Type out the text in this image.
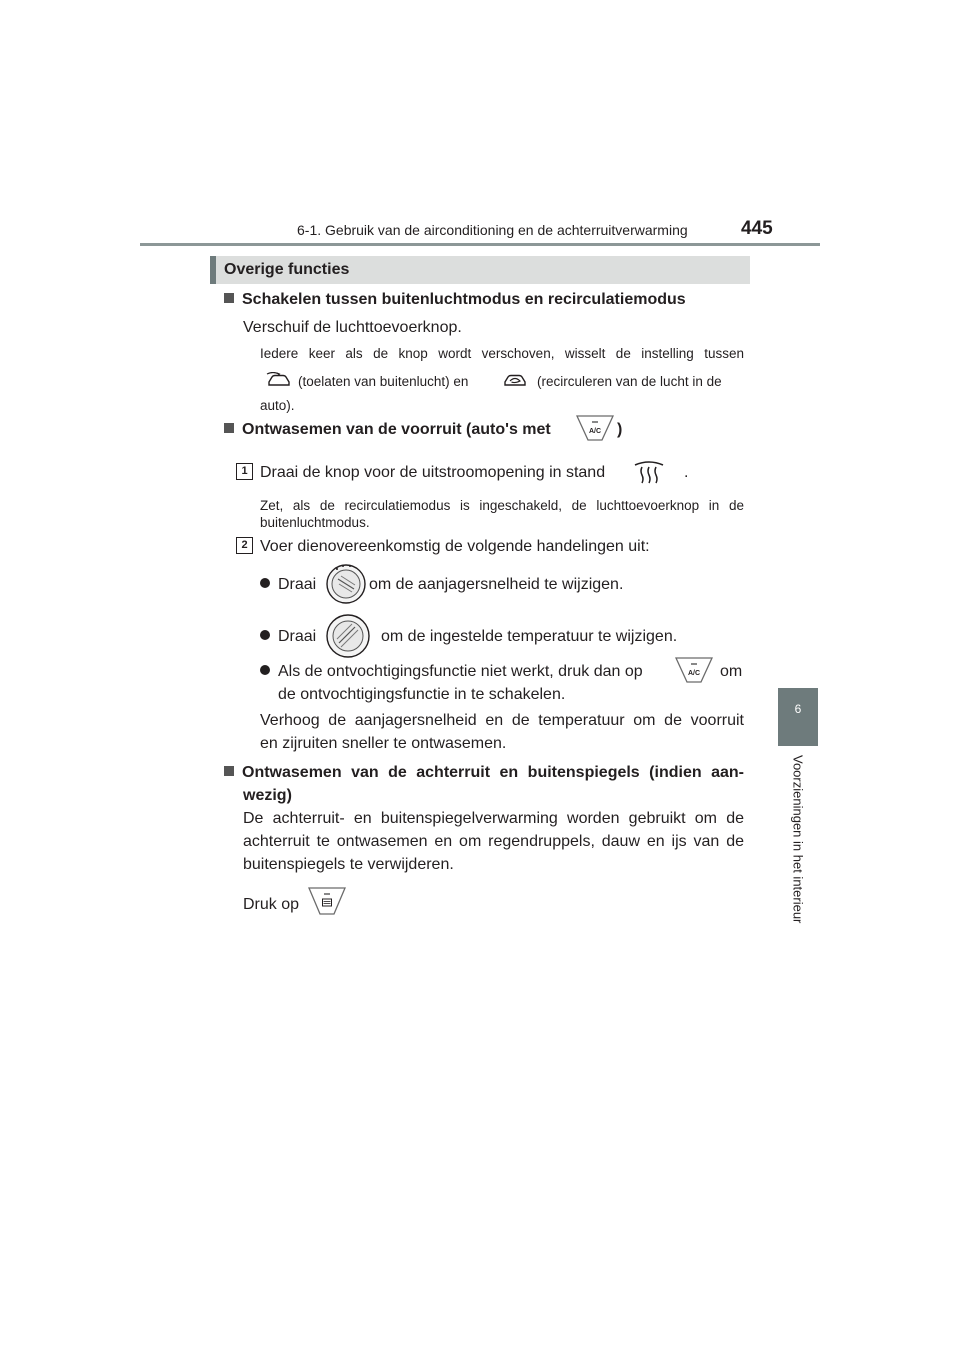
6-1. Gebruik van de airconditioning en de achterruitverwarming	445
6
Voorzieningen in het interieur
Overige functies
Schakelen tussen buitenluchtmodus en recirculatiemodus
Verschuif de luchttoevoerknop.
Iedere keer als de knop wordt verschoven, wisselt de instelling tussen
(toelaten van buitenlucht) en	(recirculeren van de lucht in de
auto).
Ontwasemen van de voorruit (auto's met	A/C )
1 Draai de knop voor de uitstroomopening in stand	.
Zet, als de recirculatiemodus is ingeschakeld, de luchttoevoerknop in de
buitenluchtmodus.
2 Voer dienovereenkomstig de volgende handelingen uit:
Draai	om de aanjagersnelheid te wijzigen.
Draai	om de ingestelde temperatuur te wijzigen.
Als de ontvochtigingsfunctie niet werkt, druk dan op	A/C om
de ontvochtigingsfunctie in te schakelen.
Verhoog de aanjagersnelheid en de temperatuur om de voorruit
en zijruiten sneller te ontwasemen.
Ontwasemen van de achterruit en buitenspiegels (indien aan-
wezig)
De achterruit- en buitenspiegelverwarming worden gebruikt om de
achterruit te ontwasemen en om regendruppels, dauw en ijs van de
buitenspiegels te verwijderen.
Druk op
